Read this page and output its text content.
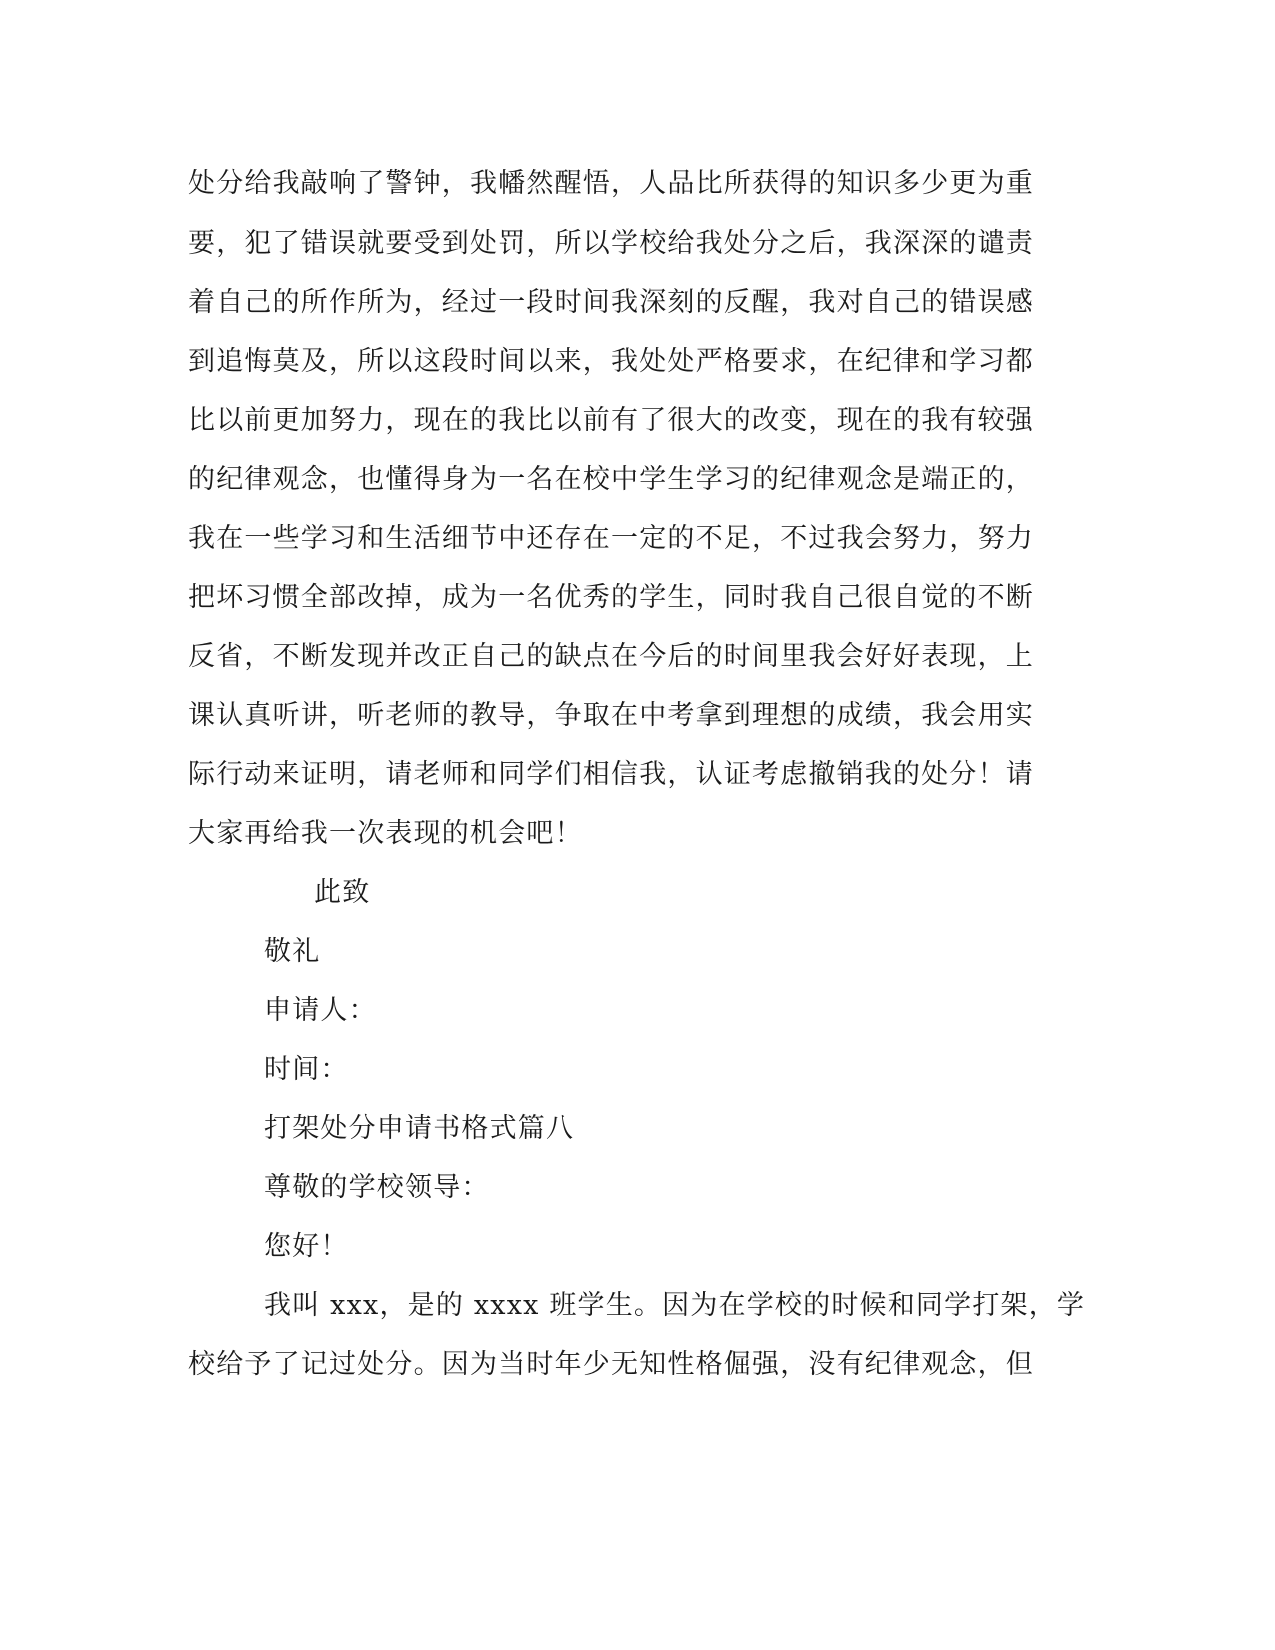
处分给我敲响了警钟，我幡然醒悟，人品比所获得的知识多少更为重
要，犯了错误就要受到处罚，所以学校给我处分之后，我深深的谴责
着自己的所作所为，经过一段时间我深刻的反醒，我对自己的错误感
到追悔莫及，所以这段时间以来，我处处严格要求，在纪律和学习都
比以前更加努力，现在的我比以前有了很大的改变，现在的我有较强
的纪律观念，也懂得身为一名在校中学生学习的纪律观念是端正的，
我在一些学习和生活细节中还存在一定的不足，不过我会努力，努力
把坏习惯全部改掉，成为一名优秀的学生，同时我自己很自觉的不断
反省，不断发现并改正自己的缺点在今后的时间里我会好好表现，上
课认真听讲，听老师的教导，争取在中考拿到理想的成绩，我会用实
际行动来证明，请老师和同学们相信我，认证考虑撤销我的处分！请
大家再给我一次表现的机会吧！
此致
敬礼
申请人：
时间：
打架处分申请书格式篇八
尊敬的学校领导：
您好！
我叫 xxx，是的 xxxx 班学生。因为在学校的时候和同学打架，学
校给予了记过处分。因为当时年少无知性格倔强，没有纪律观念，但
